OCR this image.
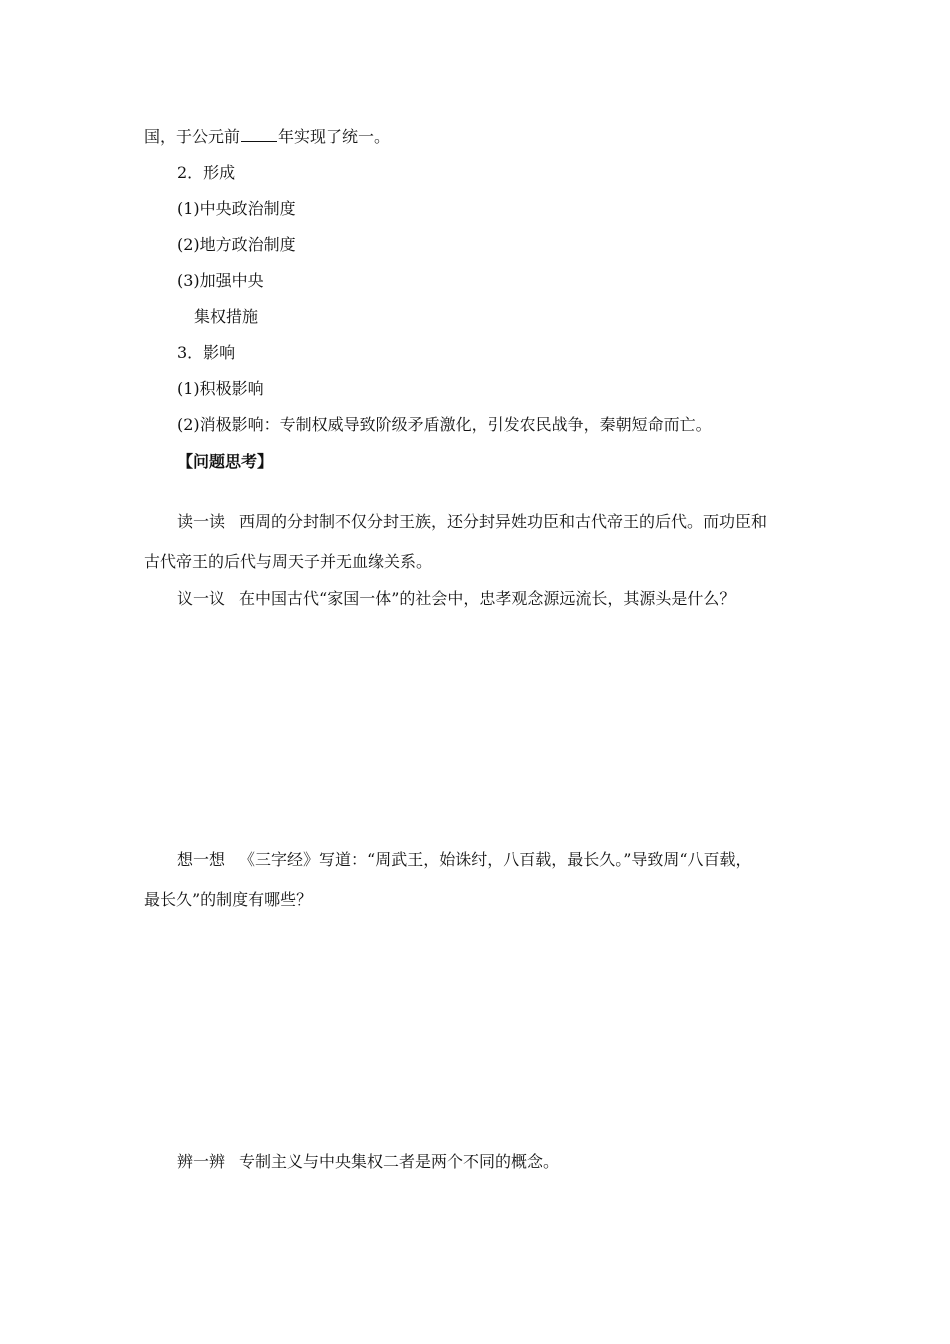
国，于公元前 年实现了统一。
2．形成
(1)中央政治制度
(2)地方政治制度
(3)加强中央
集权措施
3．影响
(1)积极影响
(2)消极影响：专制权威导致阶级矛盾激化，引发农民战争，秦朝短命而亡。
【问题思考】
读一读 西周的分封制不仅分封王族，还分封异姓功臣和古代帝王的后代。而功臣和
古代帝王的后代与周天子并无血缘关系。
议一议 在中国古代“家国一体”的社会中，忠孝观念源远流长，其源头是什么？
想一想 《三字经》写道：“周武王，始诛纣，八百载，最长久。”导致周“八百载，
最长久”的制度有哪些？
辨一辨 专制主义与中央集权二者是两个不同的概念。
